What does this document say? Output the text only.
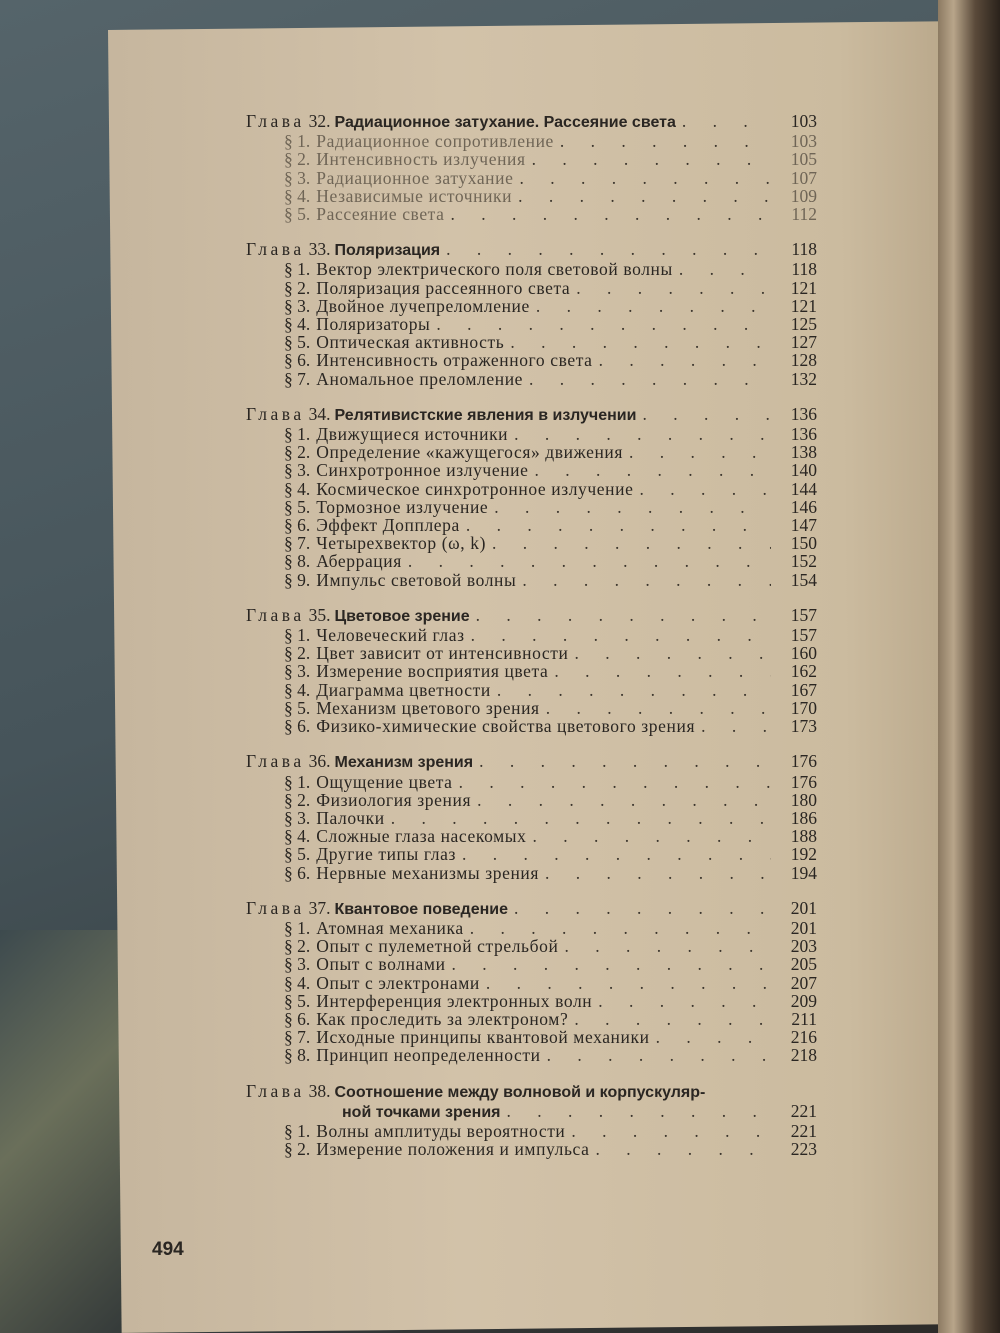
Глава 32. Радиационное затухание. Рассеяние света . . .	103
§ 1. Радиационное сопротивление . . .	103
§ 2. Интенсивность излучения . . .	105
§ 3. Радиационное затухание . . .	107
§ 4. Независимые источники . . .	109
§ 5. Рассеяние света . . .	112
Глава 33. Поляризация . . .	118
§ 1. Вектор электрического поля световой волны . . .	118
§ 2. Поляризация рассеянного света . . .	121
§ 3. Двойное лучепреломление . . .	121
§ 4. Поляризаторы . . .	125
§ 5. Оптическая активность . . .	127
§ 6. Интенсивность отраженного света . . .	128
§ 7. Аномальное преломление . . .	132
Глава 34. Релятивистские явления в излучении . . .	136
§ 1. Движущиеся источники . . .	136
§ 2. Определение «кажущегося» движения . . .	138
§ 3. Синхротронное излучение . . .	140
§ 4. Космическое синхротронное излучение . . .	144
§ 5. Тормозное излучение . . .	146
§ 6. Эффект Допплера . . .	147
§ 7. Четырехвектор (ω, k) . . .	150
§ 8. Аберрация . . .	152
§ 9. Импульс световой волны . . .	154
Глава 35. Цветовое зрение . . .	157
§ 1. Человеческий глаз . . .	157
§ 2. Цвет зависит от интенсивности . . .	160
§ 3. Измерение восприятия цвета . . .	162
§ 4. Диаграмма цветности . . .	167
§ 5. Механизм цветового зрения . . .	170
§ 6. Физико-химические свойства цветового зрения . . .	173
Глава 36. Механизм зрения . . .	176
§ 1. Ощущение цвета . . .	176
§ 2. Физиология зрения . . .	180
§ 3. Палочки . . .	186
§ 4. Сложные глаза насекомых . . .	188
§ 5. Другие типы глаз . . .	192
§ 6. Нервные механизмы зрения . . .	194
Глава 37. Квантовое поведение . . .	201
§ 1. Атомная механика . . .	201
§ 2. Опыт с пулеметной стрельбой . . .	203
§ 3. Опыт с волнами . . .	205
§ 4. Опыт с электронами . . .	207
§ 5. Интерференция электронных волн . . .	209
§ 6. Как проследить за электроном? . . .	211
§ 7. Исходные принципы квантовой механики . . .	216
§ 8. Принцип неопределенности . . .	218
Глава 38. Соотношение между волновой и корпускуляр-
ной точками зрения . . .	221
§ 1. Волны амплитуды вероятности . . .	221
§ 2. Измерение положения и импульса . . .	223
494
